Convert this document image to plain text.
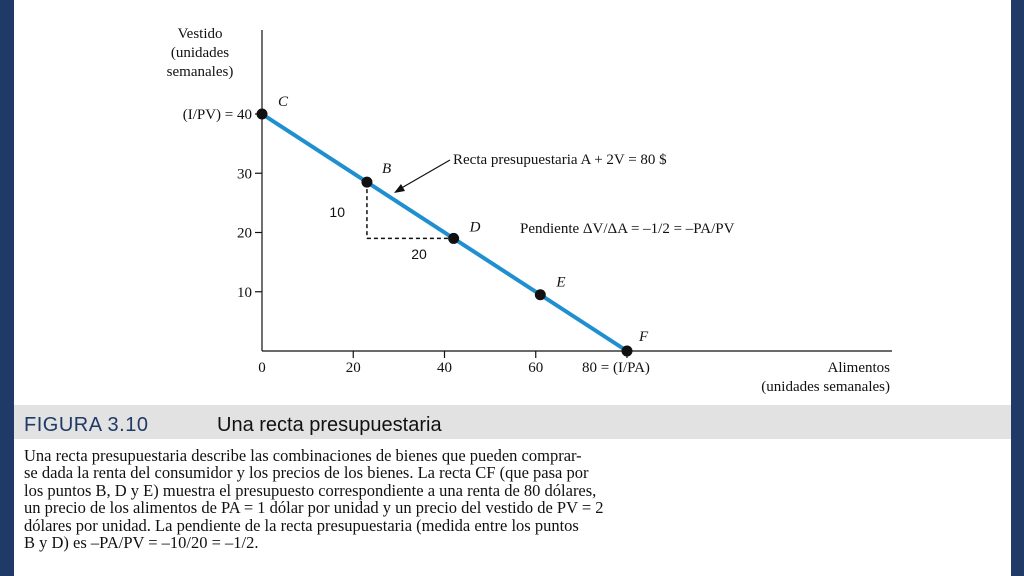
Vestido
(unidades
semanales)
10
20
30
(I/PV) = 40
0	20	40	60	80 = (I/PA)	Alimentos
(unidades semanales)
10
20
C
B
D
E
F
Recta presupuestaria A + 2V = 80 $
Pendiente ΔV/ΔA = –1/2 = –PA/PV
FIGURA 3.10	Una recta presupuestaria
Una recta presupuestaria describe las combinaciones de bienes que pueden comprar-
se dada la renta del consumidor y los precios de los bienes. La recta CF (que pasa por
los puntos B, D y E) muestra el presupuesto correspondiente a una renta de 80 dólares,
un precio de los alimentos de PA = 1 dólar por unidad y un precio del vestido de PV = 2
dólares por unidad. La pendiente de la recta presupuestaria (medida entre los puntos
B y D) es –PA/PV = –10/20 = –1/2.
